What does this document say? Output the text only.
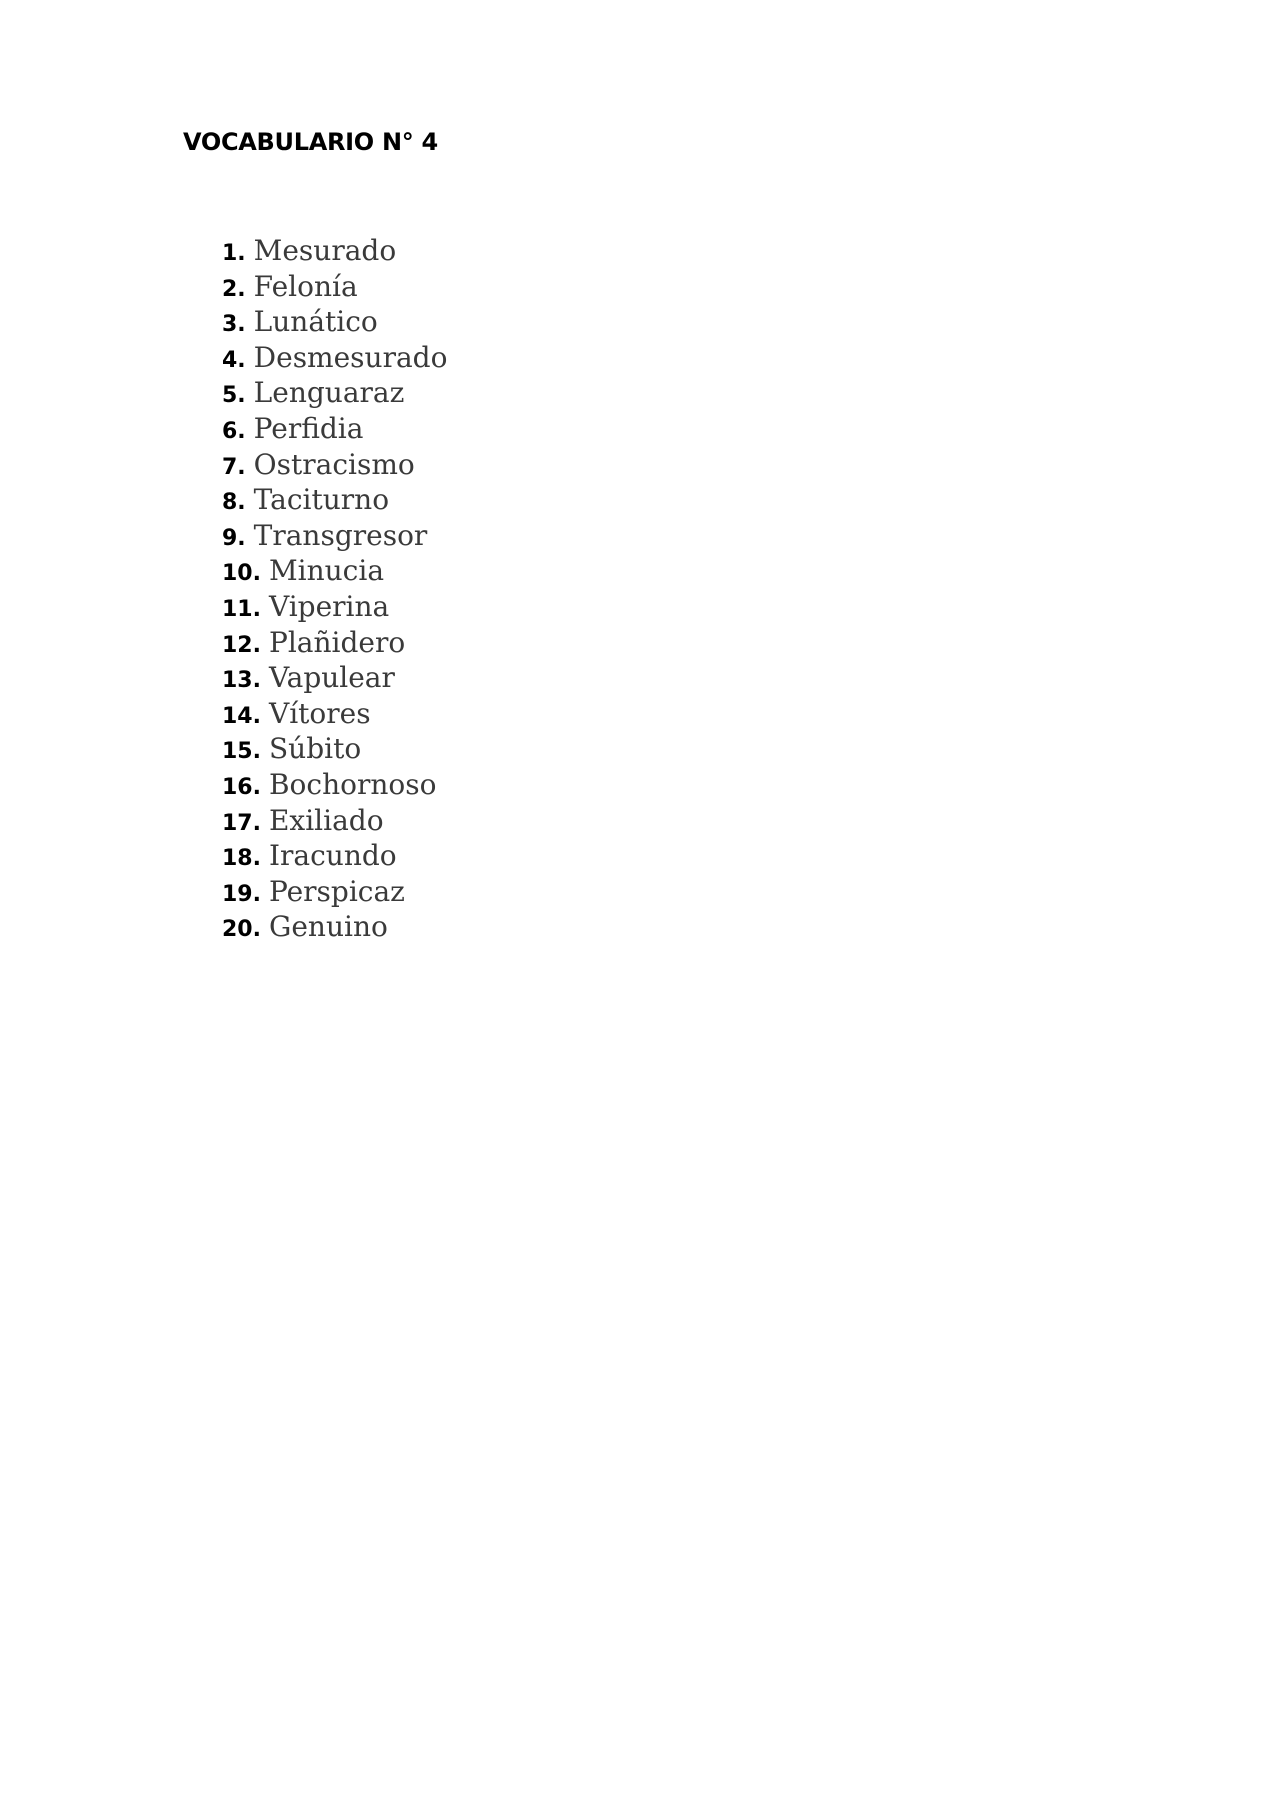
VOCABULARIO N° 4
1. Mesurado
2. Felonía
3. Lunático
4. Desmesurado
5. Lenguaraz
6. Perfidia
7. Ostracismo
8. Taciturno
9. Transgresor
10. Minucia
11. Viperina
12. Plañidero
13. Vapulear
14. Vítores
15. Súbito
16. Bochornoso
17. Exiliado
18. Iracundo
19. Perspicaz
20. Genuino
